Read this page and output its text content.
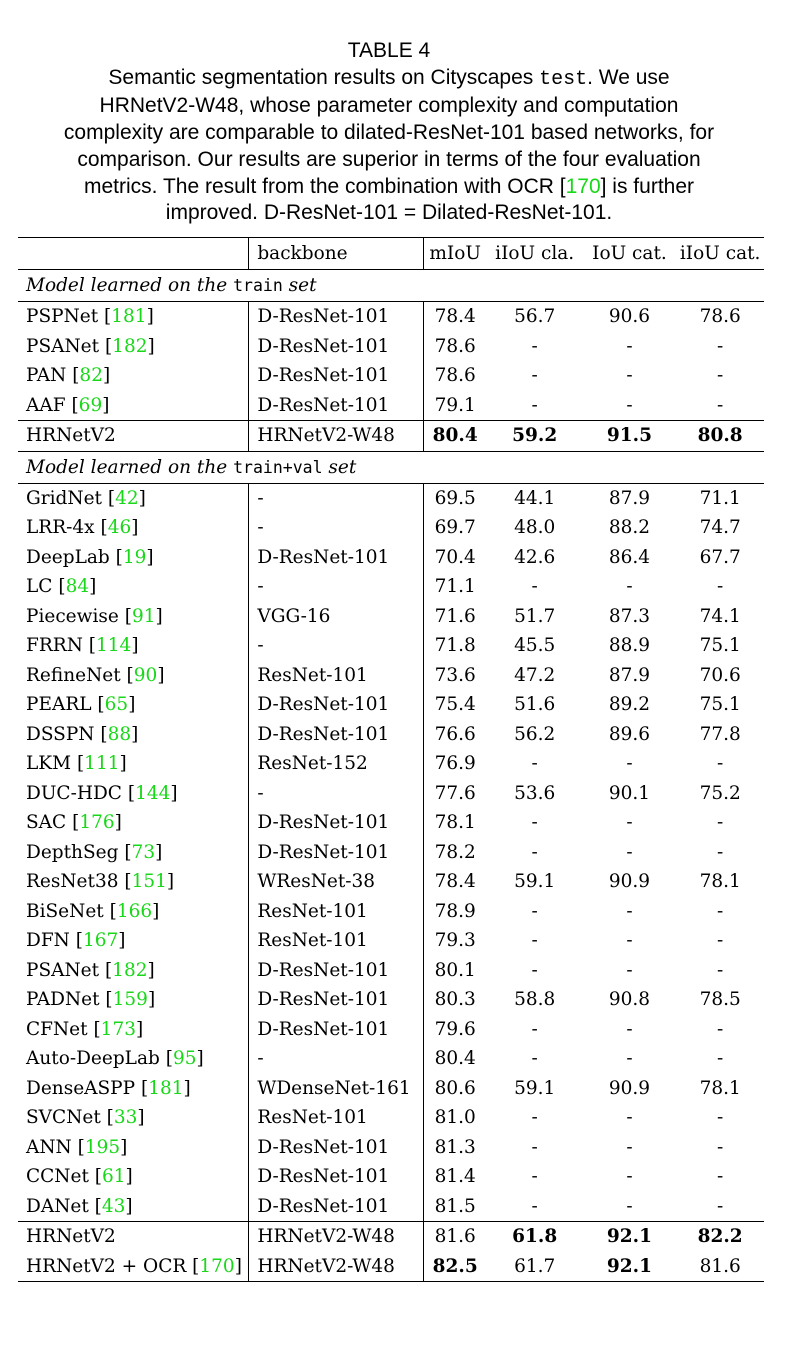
TABLE 4
Semantic segmentation results on Cityscapes test. We use
HRNetV2-W48, whose parameter complexity and computation
complexity are comparable to dilated-ResNet-101 based networks, for
comparison. Our results are superior in terms of the four evaluation
metrics. The result from the combination with OCR [170] is further
improved. D-ResNet-101 = Dilated-ResNet-101.
	backbone	mIoU	iIoU cla.	IoU cat.	iIoU cat.
Model learned on the train set					
PSPNet [181]	D-ResNet-101	78.4	56.7	90.6	78.6
PSANet [182]	D-ResNet-101	78.6	-	-	-
PAN [82]	D-ResNet-101	78.6	-	-	-
AAF [69]	D-ResNet-101	79.1	-	-	-
HRNetV2	HRNetV2-W48	80.4	59.2	91.5	80.8
Model learned on the train+val set					
GridNet [42]	-	69.5	44.1	87.9	71.1
LRR-4x [46]	-	69.7	48.0	88.2	74.7
DeepLab [19]	D-ResNet-101	70.4	42.6	86.4	67.7
LC [84]	-	71.1	-	-	-
Piecewise [91]	VGG-16	71.6	51.7	87.3	74.1
FRRN [114]	-	71.8	45.5	88.9	75.1
RefineNet [90]	ResNet-101	73.6	47.2	87.9	70.6
PEARL [65]	D-ResNet-101	75.4	51.6	89.2	75.1
DSSPN [88]	D-ResNet-101	76.6	56.2	89.6	77.8
LKM [111]	ResNet-152	76.9	-	-	-
DUC-HDC [144]	-	77.6	53.6	90.1	75.2
SAC [176]	D-ResNet-101	78.1	-	-	-
DepthSeg [73]	D-ResNet-101	78.2	-	-	-
ResNet38 [151]	WResNet-38	78.4	59.1	90.9	78.1
BiSeNet [166]	ResNet-101	78.9	-	-	-
DFN [167]	ResNet-101	79.3	-	-	-
PSANet [182]	D-ResNet-101	80.1	-	-	-
PADNet [159]	D-ResNet-101	80.3	58.8	90.8	78.5
CFNet [173]	D-ResNet-101	79.6	-	-	-
Auto-DeepLab [95]	-	80.4	-	-	-
DenseASPP [181]	WDenseNet-161	80.6	59.1	90.9	78.1
SVCNet [33]	ResNet-101	81.0	-	-	-
ANN [195]	D-ResNet-101	81.3	-	-	-
CCNet [61]	D-ResNet-101	81.4	-	-	-
DANet [43]	D-ResNet-101	81.5	-	-	-
HRNetV2	HRNetV2-W48	81.6	61.8	92.1	82.2
HRNetV2 + OCR [170]	HRNetV2-W48	82.5	61.7	92.1	81.6
